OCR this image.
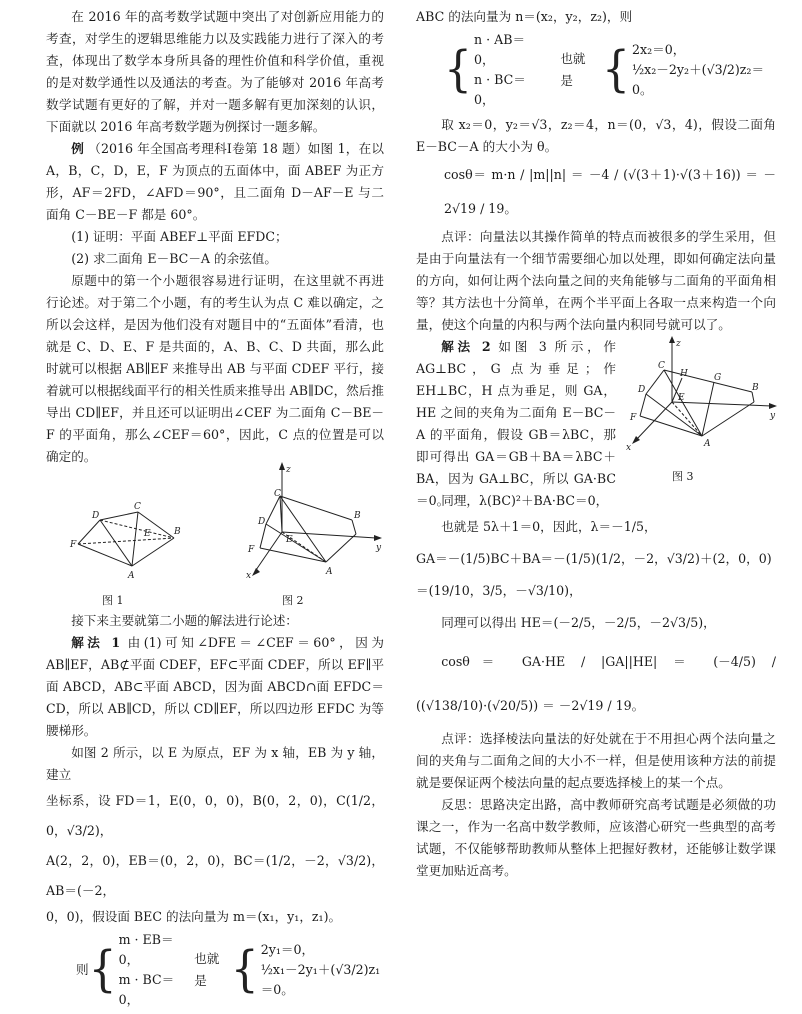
在 2016 年的高考数学试题中突出了对创新应用能力的考查，对学生的逻辑思维能力以及实践能力进行了深入的考查，体现出了数学本身所具备的理性价值和科学价值，重视的是对数学通性以及通法的考查。为了能够对 2016 年高考数学试题有更好的了解，并对一题多解有更加深刻的认识，下面就以 2016 年高考数学题为例探讨一题多解。

例 （2016 年全国高考理科Ⅰ卷第 18 题）如图 1，在以 A，B，C，D，E，F 为顶点的五面体中，面 ABEF 为正方形，AF＝2FD，∠AFD＝90°，且二面角 D－AF－E 与二面角 C－BE－F 都是 60°。

(1) 证明：平面 ABEF⊥平面 EFDC；

(2) 求二面角 E－BC－A 的余弦值。

原题中的第一个小题很容易进行证明，在这里就不再进行论述。对于第二个小题，有的考生认为点 C 难以确定，之所以会这样，是因为他们没有对题目中的“五面体”看清，也就是 C、D、E、F 是共面的，A、B、C、D 共面，那么此时就可以根据 AB∥EF 来推导出 AB 与平面 CDEF 平行，接着就可以根据线面平行的相关性质来推导出 AB∥DC，然后推导出 CD∥EF，并且还可以证明出∠CEF 为二面角 C－BE－F 的平面角，那么∠CEF＝60°，因此，C 点的位置是可以确定的。

F
D
C
E	B
A
图 1
z
y
x
C
D
F
E
B
A
图 2

接下来主要就第二小题的解法进行论述：

解法 1 由(1)可知∠DFE＝∠CEF＝60°，因为 AB∥EF，AB⊄平面 CDEF，EF⊂平面 CDEF，所以 EF∥平面 ABCD，AB⊂平面 ABCD，因为面 ABCD∩面 EFDC＝CD，所以 AB∥CD，所以 CD∥EF，所以四边形 EFDC 为等腰梯形。

如图 2 所示，以 E 为原点，EF 为 x 轴，EB 为 y 轴，建立

坐标系，设 FD＝1，E(0，0，0)，B(0，2，0)，C(1/2，0，√3/2)，

A(2，2，0)，EB＝(0，2，0)，BC＝(1/2，－2，√3/2)，AB＝(－2，

0，0)，假设面 BEC 的法向量为 m＝(x₁，y₁，z₁)。

则 {
m · EB＝0，
m · BC＝0，
也就是 { 2y₁＝0，
½x₁－2y₁＋(√3/2)z₁＝0。

ABC 的法向量为 n＝(x₂，y₂，z₂)，则

{
n · AB＝0，
n · BC＝0，
也就是 { 2x₂＝0，
½x₂－2y₂＋(√3/2)z₂＝0。

取 x₂＝0，y₂＝√3，z₂＝4，n＝(0，√3，4)，假设二面角 E－BC－A 的大小为 θ。

cosθ＝ m·n / |m||n| ＝ －4 / (√(3＋1)·√(3＋16)) ＝ －2√19 / 19。

点评：向量法以其操作简单的特点而被很多的学生采用，但是由于向量法有一个细节需要细心加以处理，即如何确定法向量的方向，如何让两个法向量之间的夹角能够与二面角的平面角相等？其方法也十分简单，在两个半平面上各取一点来构造一个向量，使这个向量的内积与两个法向量内积同号就可以了。

解法 2 如图 3 所示，作 AG⊥BC，G 点为垂足；作 EH⊥BC，H 点为垂足，则 GA，HE 之间的夹角为二面角 E－BC－A 的平面角，假设 GB＝λBC，那即可得出 GA＝GB＋BA＝λBC＋BA，因为 GA⊥BC，所以 GA·BC＝0。

z
y
x
C
D
F
E
H	G
B
A
图 3

同理，λ(BC)²＋BA·BC＝0，

也就是 5λ＋1＝0，因此，λ＝－1/5，

GA＝－(1/5)BC＋BA＝－(1/5)(1/2，－2，√3/2)＋(2，0，0)

＝(19/10，3/5，－√3/10)，

同理可以得出 HE＝(－2/5，－2/5，－2√3/5)，

cosθ＝ GA·HE / |GA||HE| ＝ (－4/5) / ((√138/10)·(√20/5)) ＝ －2√19 / 19。

点评：选择棱法向量法的好处就在于不用担心两个法向量之间的夹角与二面角之间的大小不一样，但是使用该种方法的前提就是要保证两个棱法向量的起点要选择棱上的某一个点。

反思：思路决定出路，高中教师研究高考试题是必须做的功课之一，作为一名高中数学教师，应该潜心研究一些典型的高考试题，不仅能够帮助教师从整体上把握好教材，还能够让数学课堂更加贴近高考。
